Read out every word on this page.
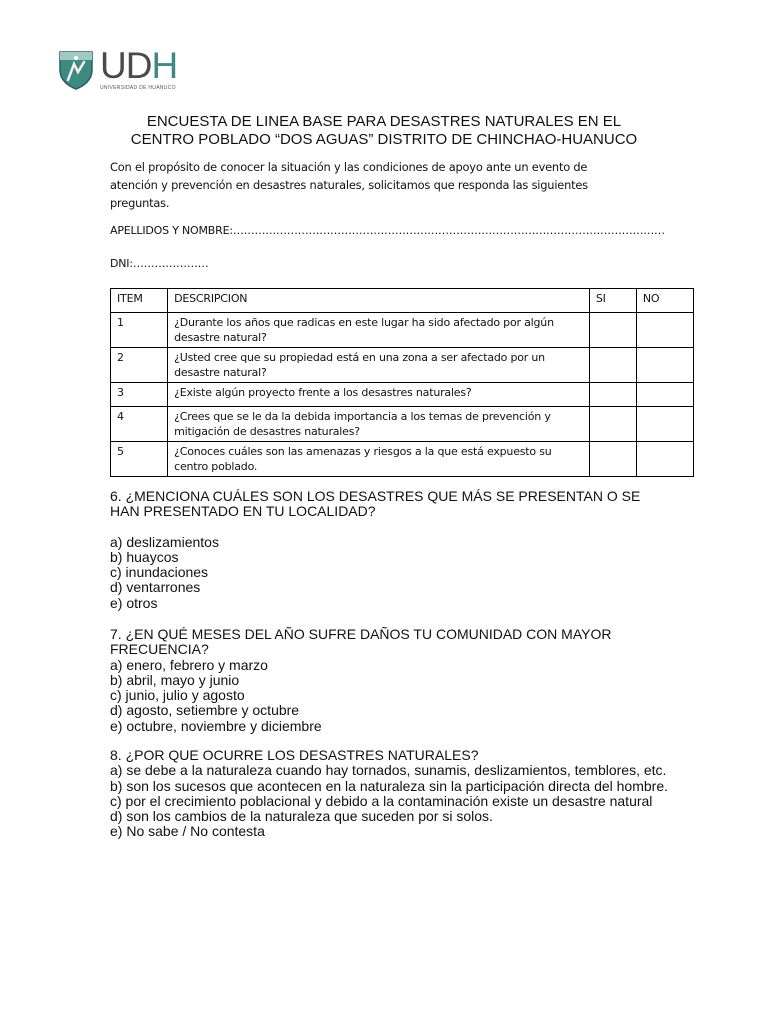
UDH
UNIVERSIDAD DE HUÁNUCO
ENCUESTA DE LINEA BASE PARA DESASTRES NATURALES EN EL
CENTRO POBLADO “DOS AGUAS” DISTRITO DE CHINCHAO-HUANUCO
Con el propósito de conocer la situación y las condiciones de apoyo ante un evento de atención y prevención en desastres naturales, solicitamos que responda las siguientes preguntas.
APELLIDOS Y NOMBRE:…………………………………………………………………………………………………………
DNI:…………………
ITEM	DESCRIPCION	SI	NO
1	¿Durante los años que radicas en este lugar ha sido afectado por algún desastre natural?		
2	¿Usted cree que su propiedad está en una zona a ser afectado por un desastre natural?		
3	¿Existe algún proyecto frente a los desastres naturales?		
4	¿Crees que se le da la debida importancia a los temas de prevención y mitigación de desastres naturales?		
5	¿Conoces cuáles son las amenazas y riesgos a la que está expuesto su centro poblado.		
6. ¿MENCIONA CUÁLES SON LOS DESASTRES QUE MÁS SE PRESENTAN O SE HAN PRESENTADO EN TU LOCALIDAD?
a) deslizamientos
b) huaycos
c) inundaciones
d) ventarrones
e) otros
7. ¿EN QUÉ MESES DEL AÑO SUFRE DAÑOS TU COMUNIDAD CON MAYOR FRECUENCIA?
a) enero, febrero y marzo
b) abril, mayo y junio
c) junio, julio y agosto
d) agosto, setiembre y octubre
e) octubre, noviembre y diciembre
8. ¿POR QUE OCURRE LOS DESASTRES NATURALES?
a) se debe a la naturaleza cuando hay tornados, sunamis, deslizamientos, temblores, etc.
b) son los sucesos que acontecen en la naturaleza sin la participación directa del hombre.
c) por el crecimiento poblacional y debido a la contaminación existe un desastre natural
d) son los cambios de la naturaleza que suceden por si solos.
e) No sabe / No contesta
